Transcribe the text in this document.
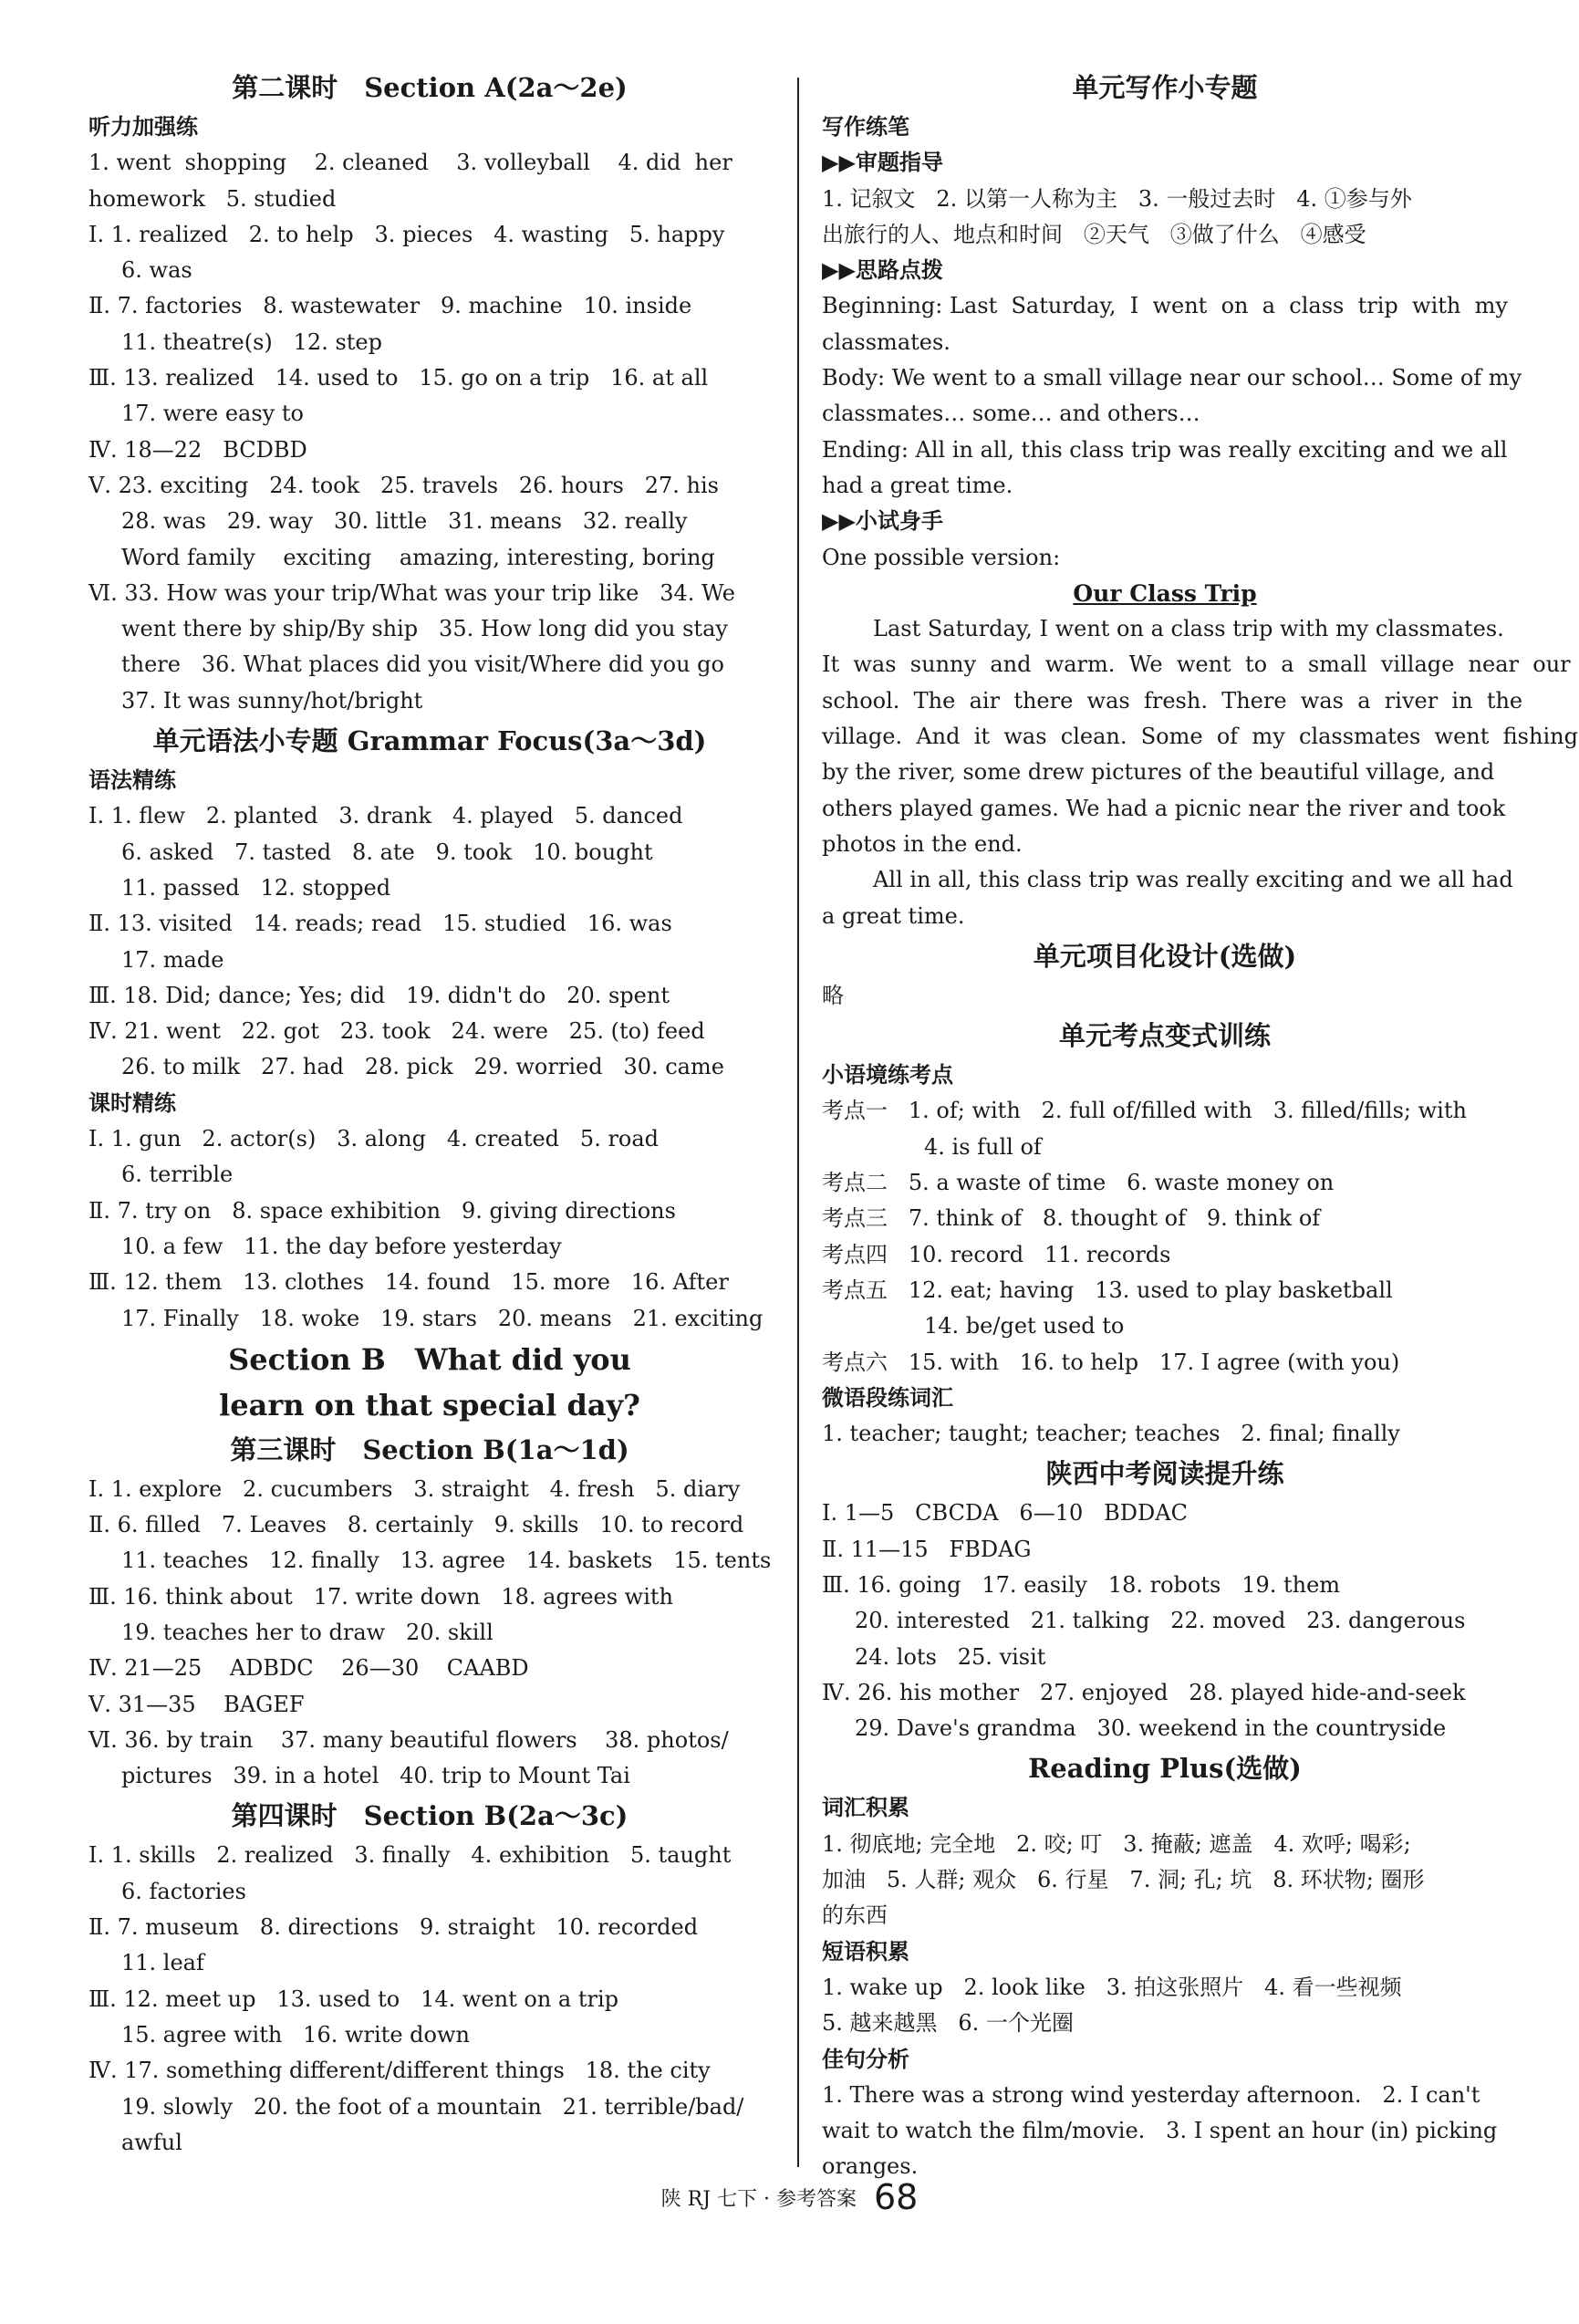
第二课时　Section A(2a～2e)
听力加强练
1. went  shopping    2. cleaned    3. volleyball    4. did  her
homework   5. studied
Ⅰ. 1. realized   2. to help   3. pieces   4. wasting   5. happy
6. was
Ⅱ. 7. factories   8. wastewater   9. machine   10. inside
11. theatre(s)   12. step
Ⅲ. 13. realized   14. used to   15. go on a trip   16. at all
17. were easy to
Ⅳ. 18—22   BCDBD
Ⅴ. 23. exciting   24. took   25. travels   26. hours   27. his
28. was   29. way   30. little   31. means   32. really
Word family    exciting    amazing, interesting, boring
Ⅵ. 33. How was your trip/What was your trip like   34. We
went there by ship/By ship   35. How long did you stay
there   36. What places did you visit/Where did you go
37. It was sunny/hot/bright
单元语法小专题 Grammar Focus(3a～3d)
语法精练
Ⅰ. 1. flew   2. planted   3. drank   4. played   5. danced
6. asked   7. tasted   8. ate   9. took   10. bought
11. passed   12. stopped
Ⅱ. 13. visited   14. reads; read   15. studied   16. was
17. made
Ⅲ. 18. Did; dance; Yes; did   19. didn't do   20. spent
Ⅳ. 21. went   22. got   23. took   24. were   25. (to) feed
26. to milk   27. had   28. pick   29. worried   30. came
课时精练
Ⅰ. 1. gun   2. actor(s)   3. along   4. created   5. road
6. terrible
Ⅱ. 7. try on   8. space exhibition   9. giving directions
10. a few   11. the day before yesterday
Ⅲ. 12. them   13. clothes   14. found   15. more   16. After
17. Finally   18. woke   19. stars   20. means   21. exciting
Section B　What did you
learn on that special day?
第三课时　Section B(1a～1d)
Ⅰ. 1. explore   2. cucumbers   3. straight   4. fresh   5. diary
Ⅱ. 6. filled   7. Leaves   8. certainly   9. skills   10. to record
11. teaches   12. finally   13. agree   14. baskets   15. tents
Ⅲ. 16. think about   17. write down   18. agrees with
19. teaches her to draw   20. skill
Ⅳ. 21—25    ADBDC    26—30    CAABD
Ⅴ. 31—35    BAGEF
Ⅵ. 36. by train    37. many beautiful flowers    38. photos/
pictures   39. in a hotel   40. trip to Mount Tai
第四课时　Section B(2a～3c)
Ⅰ. 1. skills   2. realized   3. finally   4. exhibition   5. taught
6. factories
Ⅱ. 7. museum   8. directions   9. straight   10. recorded
11. leaf
Ⅲ. 12. meet up   13. used to   14. went on a trip
15. agree with   16. write down
Ⅳ. 17. something different/different things   18. the city
19. slowly   20. the foot of a mountain   21. terrible/bad/
awful
单元写作小专题
写作练笔
▶▶审题指导
1. 记叙文   2. 以第一人称为主   3. 一般过去时   4. ①参与外
出旅行的人、地点和时间   ②天气   ③做了什么   ④感受
▶▶思路点拨
Beginning: Last  Saturday,  I  went  on  a  class  trip  with  my
classmates.
Body: We went to a small village near our school… Some of my
classmates… some… and others…
Ending: All in all, this class trip was really exciting and we all
had a great time.
▶▶小试身手
One possible version:
Our Class Trip
Last Saturday, I went on a class trip with my classmates.
It  was  sunny  and  warm.  We  went  to  a  small  village  near  our
school.  The  air  there  was  fresh.  There  was  a  river  in  the
village.  And  it  was  clean.  Some  of  my  classmates  went  fishing
by the river, some drew pictures of the beautiful village, and
others played games. We had a picnic near the river and took
photos in the end.
All in all, this class trip was really exciting and we all had
a great time.
单元项目化设计(选做)
略
单元考点变式训练
小语境练考点
考点一   1. of; with   2. full of/filled with   3. filled/fills; with
4. is full of
考点二   5. a waste of time   6. waste money on
考点三   7. think of   8. thought of   9. think of
考点四   10. record   11. records
考点五   12. eat; having   13. used to play basketball
14. be/get used to
考点六   15. with   16. to help   17. I agree (with you)
微语段练词汇
1. teacher; taught; teacher; teaches   2. final; finally
陕西中考阅读提升练
Ⅰ. 1—5   CBCDA   6—10   BDDAC
Ⅱ. 11—15   FBDAG
Ⅲ. 16. going   17. easily   18. robots   19. them
20. interested   21. talking   22. moved   23. dangerous
24. lots   25. visit
Ⅳ. 26. his mother   27. enjoyed   28. played hide-and-seek
29. Dave's grandma   30. weekend in the countryside
Reading Plus(选做)
词汇积累
1. 彻底地; 完全地   2. 咬; 叮   3. 掩蔽; 遮盖   4. 欢呼; 喝彩;
加油   5. 人群; 观众   6. 行星   7. 洞; 孔; 坑   8. 环状物; 圈形
的东西
短语积累
1. wake up   2. look like   3. 拍这张照片   4. 看一些视频
5. 越来越黑   6. 一个光圈
佳句分析
1. There was a strong wind yesterday afternoon.   2. I can't
wait to watch the film/movie.   3. I spent an hour (in) picking
oranges.
陕 RJ 七下 · 参考答案 68
